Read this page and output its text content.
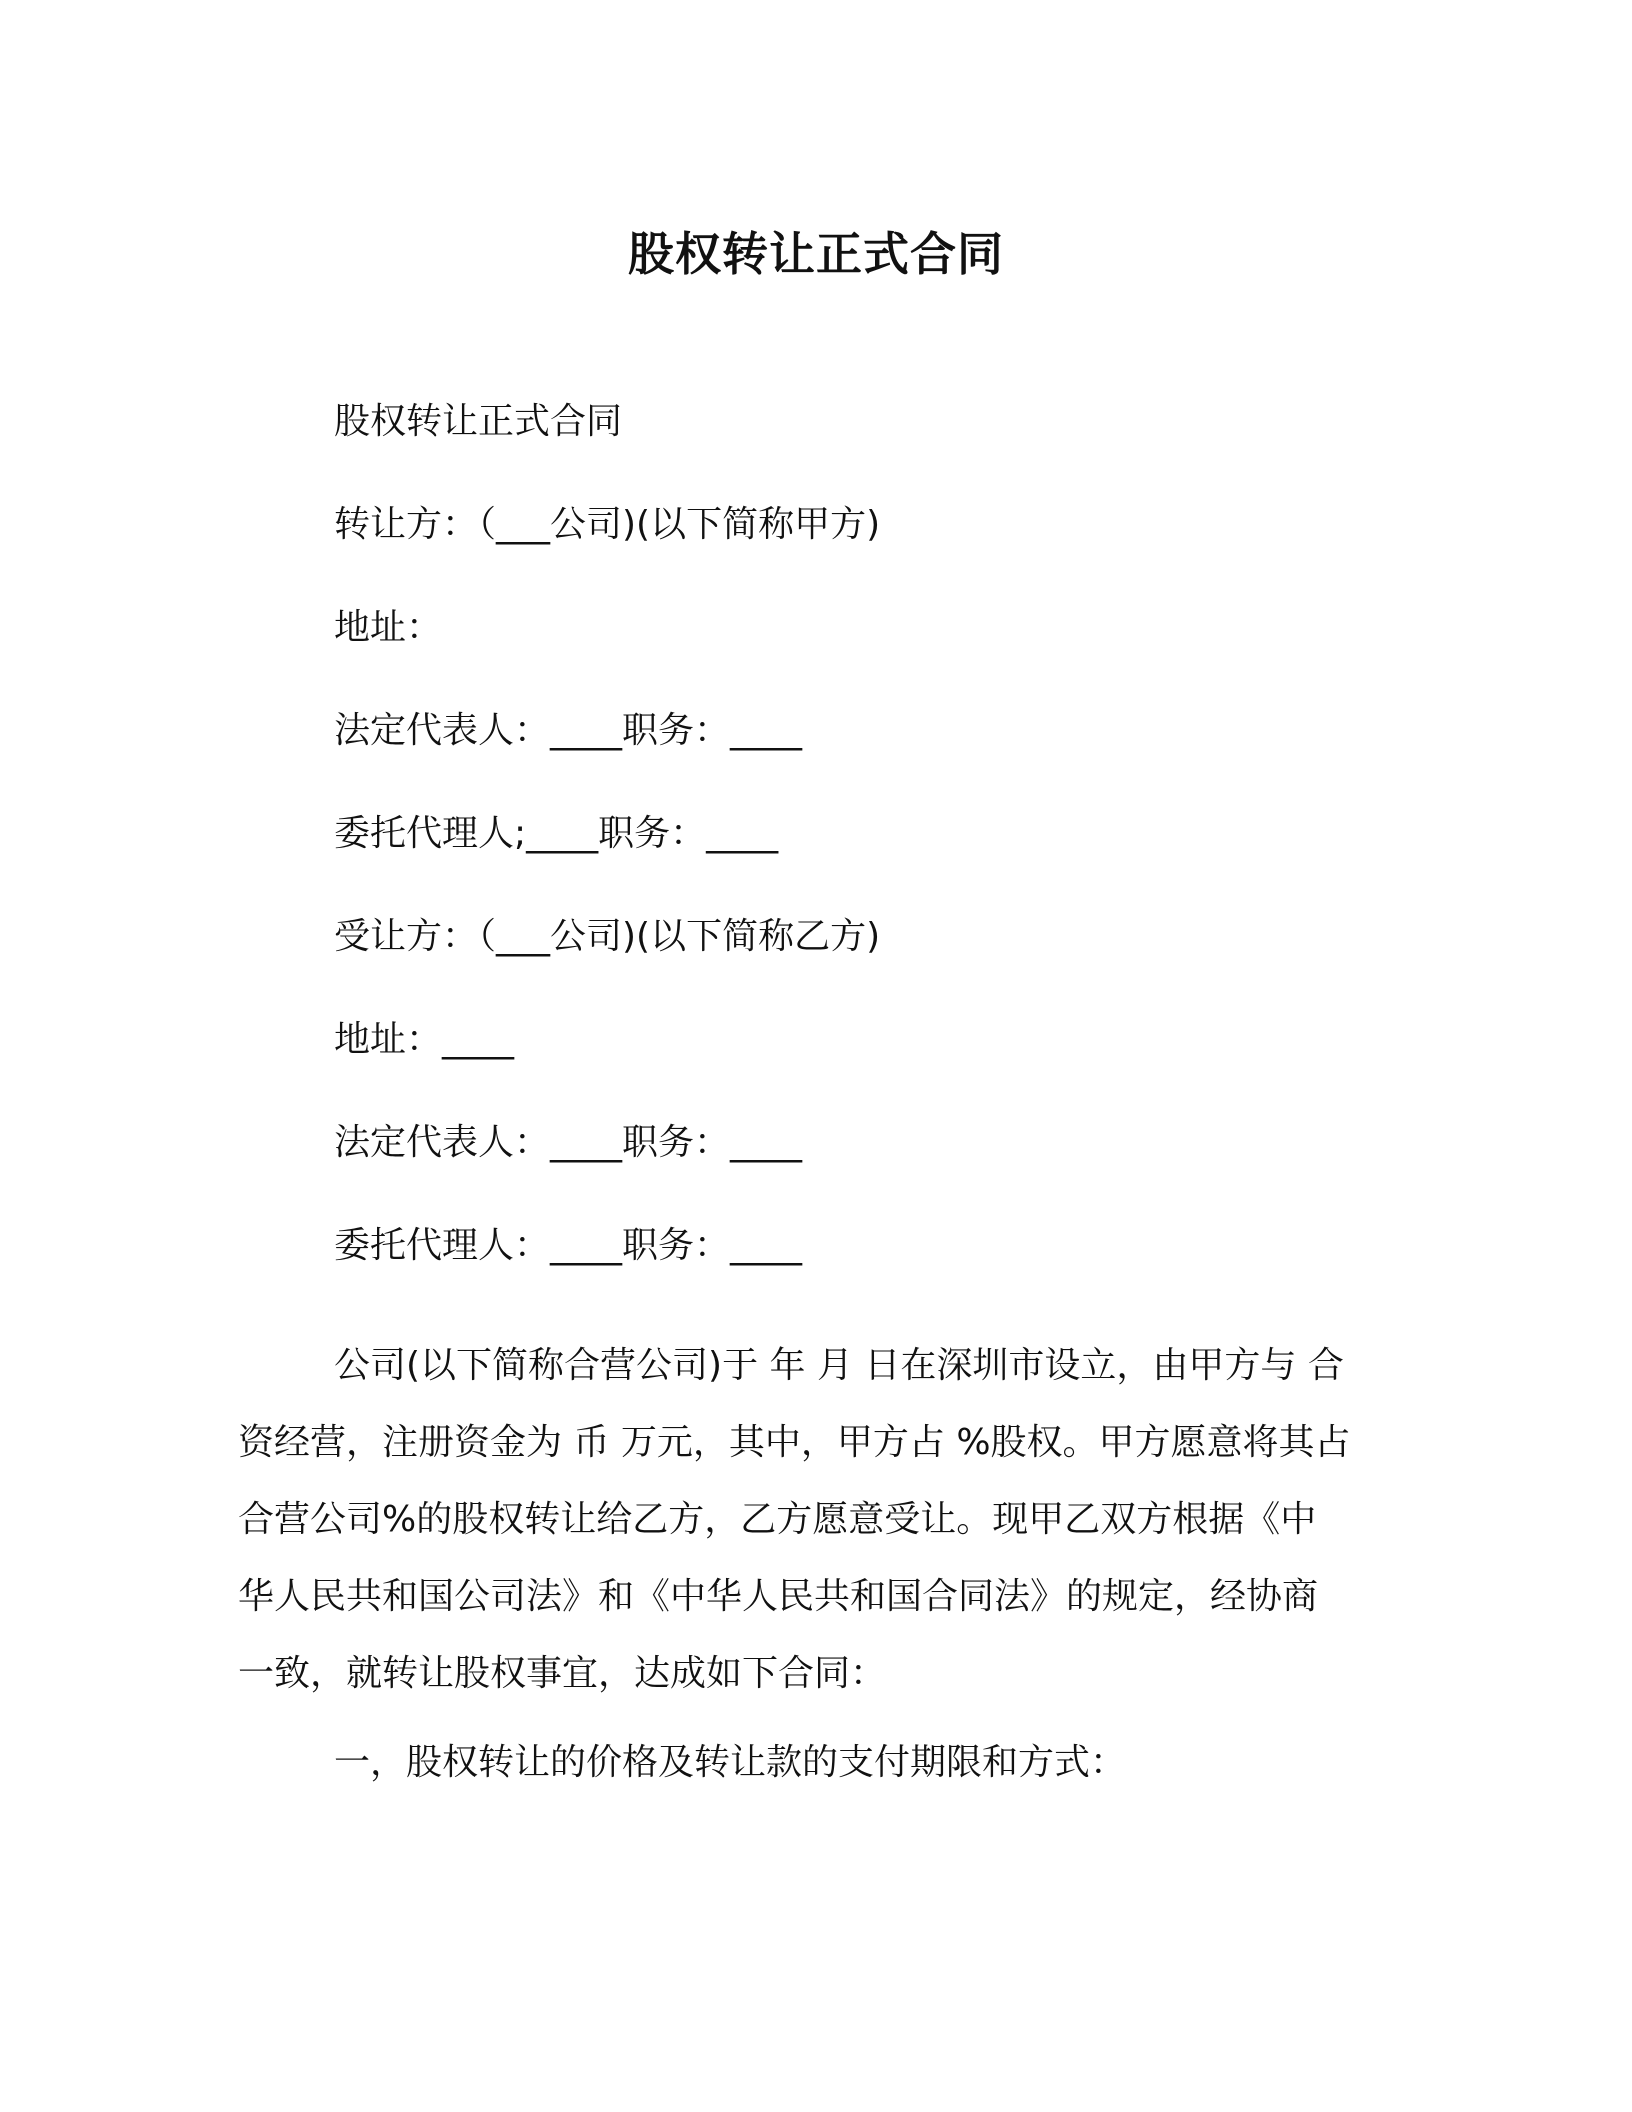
股权转让正式合同
股权转让正式合同
转让方：（___公司)(以下简称甲方)
地址：
法定代表人：____职务：____
委托代理人;____职务：____
受让方：（___公司)(以下简称乙方)
地址：____
法定代表人：____职务：____
委托代理人：____职务：____
公司(以下简称合营公司)于 年 月 日在深圳市设立，由甲方与 合
资经营，注册资金为 币 万元，其中，甲方占 %股权。甲方愿意将其占
合营公司%的股权转让给乙方，乙方愿意受让。现甲乙双方根据《中
华人民共和国公司法》和《中华人民共和国合同法》的规定，经协商
一致，就转让股权事宜，达成如下合同：
一，股权转让的价格及转让款的支付期限和方式：
